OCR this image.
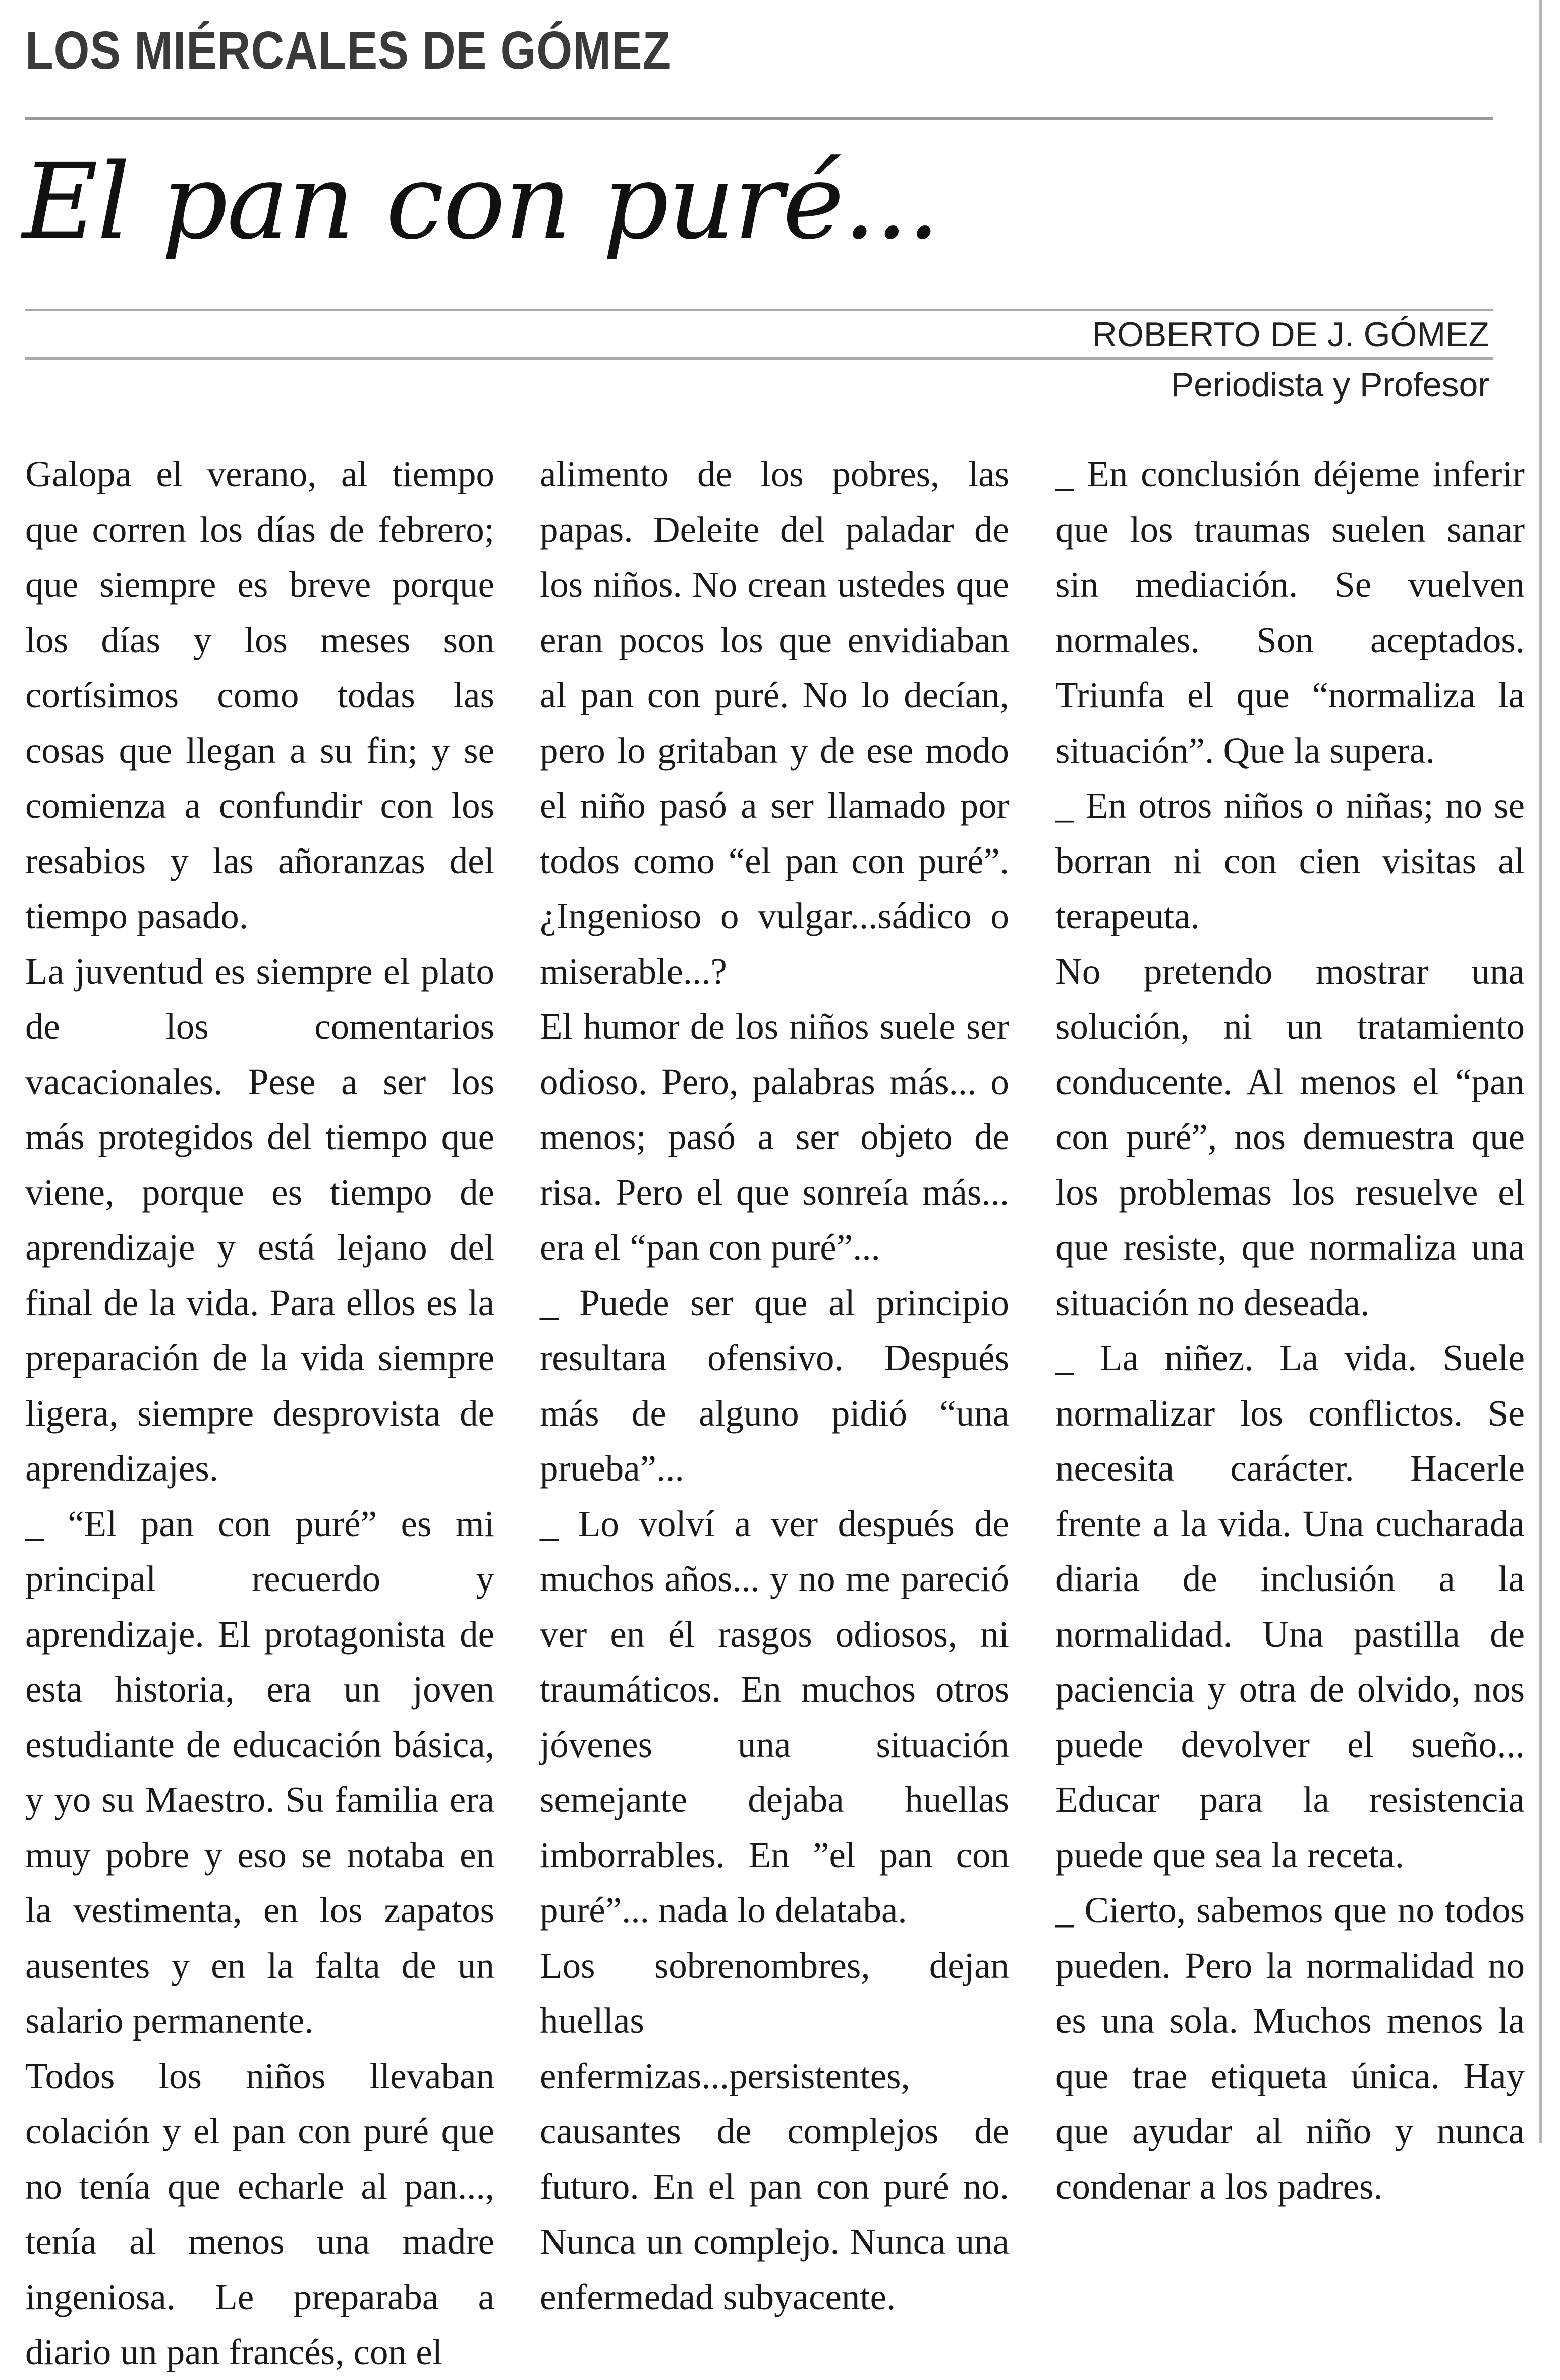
LOS MIÉRCALES DE GÓMEZ
El pan con puré...
ROBERTO DE J. GÓMEZ
Periodista y Profesor

Galopa el verano, al tiempo que corren los días de febrero; que siempre es breve porque los días y los meses son cortísimos como todas las cosas que llegan a su fin; y se comienza a confundir con los resabios y las añoranzas del tiempo pasado.

La juventud es siempre el plato de los comentarios vacacionales. Pese a ser los más protegidos del tiempo que viene, porque es tiempo de aprendizaje y está lejano del final de la vida. Para ellos es la preparación de la vida siempre ligera, siempre desprovista de aprendizajes.

_ “El pan con puré” es mi principal recuerdo y aprendizaje. El protagonista de esta historia, era un joven estudiante de educación básica, y yo su Maestro. Su familia era muy pobre y eso se notaba en la vestimenta, en los zapatos ausentes y en la falta de un salario permanente.

Todos los niños llevaban colación y el pan con puré que no tenía que echarle al pan..., tenía al menos una madre ingeniosa. Le preparaba a diario un pan francés, con el

alimento de los pobres, las papas. Deleite del paladar de los niños. No crean ustedes que eran pocos los que envidiaban al pan con puré. No lo decían, pero lo gritaban y de ese modo el niño pasó a ser llamado por todos como “el pan con puré”. ¿Ingenioso o vulgar...sádico o miserable...?

El humor de los niños suele ser odioso. Pero, palabras más... o menos; pasó a ser objeto de risa. Pero el que sonreía más... era el “pan con puré”...

_ Puede ser que al principio resultara ofensivo. Después más de alguno pidió “una prueba”...

_ Lo volví a ver después de muchos años... y no me pareció ver en él rasgos odiosos, ni traumáticos. En muchos otros jóvenes una situación semejante dejaba huellas imborrables. En ”el pan con puré”... nada lo delataba.

Los sobrenombres, dejan huellas enfermizas...persistentes, causantes de complejos de futuro. En el pan con puré no. Nunca un complejo. Nunca una enfermedad subyacente.

_ En conclusión déjeme inferir que los traumas suelen sanar sin mediación. Se vuelven normales. Son aceptados. Triunfa el que “normaliza la situación”. Que la supera.

_ En otros niños o niñas; no se borran ni con cien visitas al terapeuta.

No pretendo mostrar una solución, ni un tratamiento conducente. Al menos el “pan con puré”, nos demuestra que los problemas los resuelve el que resiste, que normaliza una situación no deseada.

_ La niñez. La vida. Suele normalizar los conflictos. Se necesita carácter. Hacerle frente a la vida. Una cucharada diaria de inclusión a la normalidad. Una pastilla de paciencia y otra de olvido, nos puede devolver el sueño... Educar para la resistencia puede que sea la receta.

_ Cierto, sabemos que no todos pueden. Pero la normalidad no es una sola. Muchos menos la que trae etiqueta única. Hay que ayudar al niño y nunca condenar a los padres.
